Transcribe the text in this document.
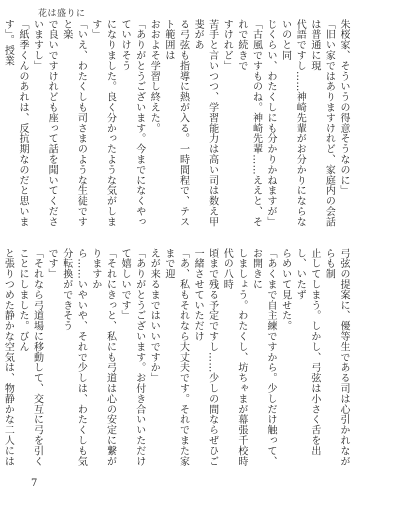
花は盛りに

朱桜家、そういうの得意そうなのに」

「旧い家ではありますけれど、家庭内の会話は普通に現

代語ですし……神崎先輩がお分かりにならないのと同

じくらい、わたくしにも分かりかねますが」

「古風ですものね。神崎先輩……ええと、それで続きで

すけれど」

苦手と言いつつ、学習能力は高い司は数え甲斐があ

る弓弦も指導に熱が入る。一時間程で、テスト範囲は

おおよそ学習し終えた。

「ありがとうございます。今までになくやっていけそう

になりました。良く分かったような気がします」

「いえ、わたくしも司さまのような生徒ですと楽

で良いですけれども座って話を聞いてくださいますし」

「紙季くんのあれは、反抗期なのだと思います」。授業

弓弦の提案に、優等生である司は心引かれながらも制

止してしまう。しかし、弓弦は小さく舌を出し、いたず

らめいて見せた。

「あくまで自主練ですから。少しだけ触って、お開きに

しましょう。わたくし、坊ちゃまが幕張千校時代の八時

頃まで残る予定ですし……少しの間ならぜひご一緒させていただけ

「あ、私もそれなら大丈夫です。それでまた家まで迎

えが来るまではいいですか」

「ありがとうございます。お付き合いいただけて嬉しいです」

「それにきっと、私にも弓道は心の安定に繋がりますか

ら……いやいや、それで少しは、わたくしも気分転換ができそう

です」

「それなら弓道場に移動して、交互に弓を引くことにしました。びん

と張りつめた静かな空気は、物静かな二人には

7
